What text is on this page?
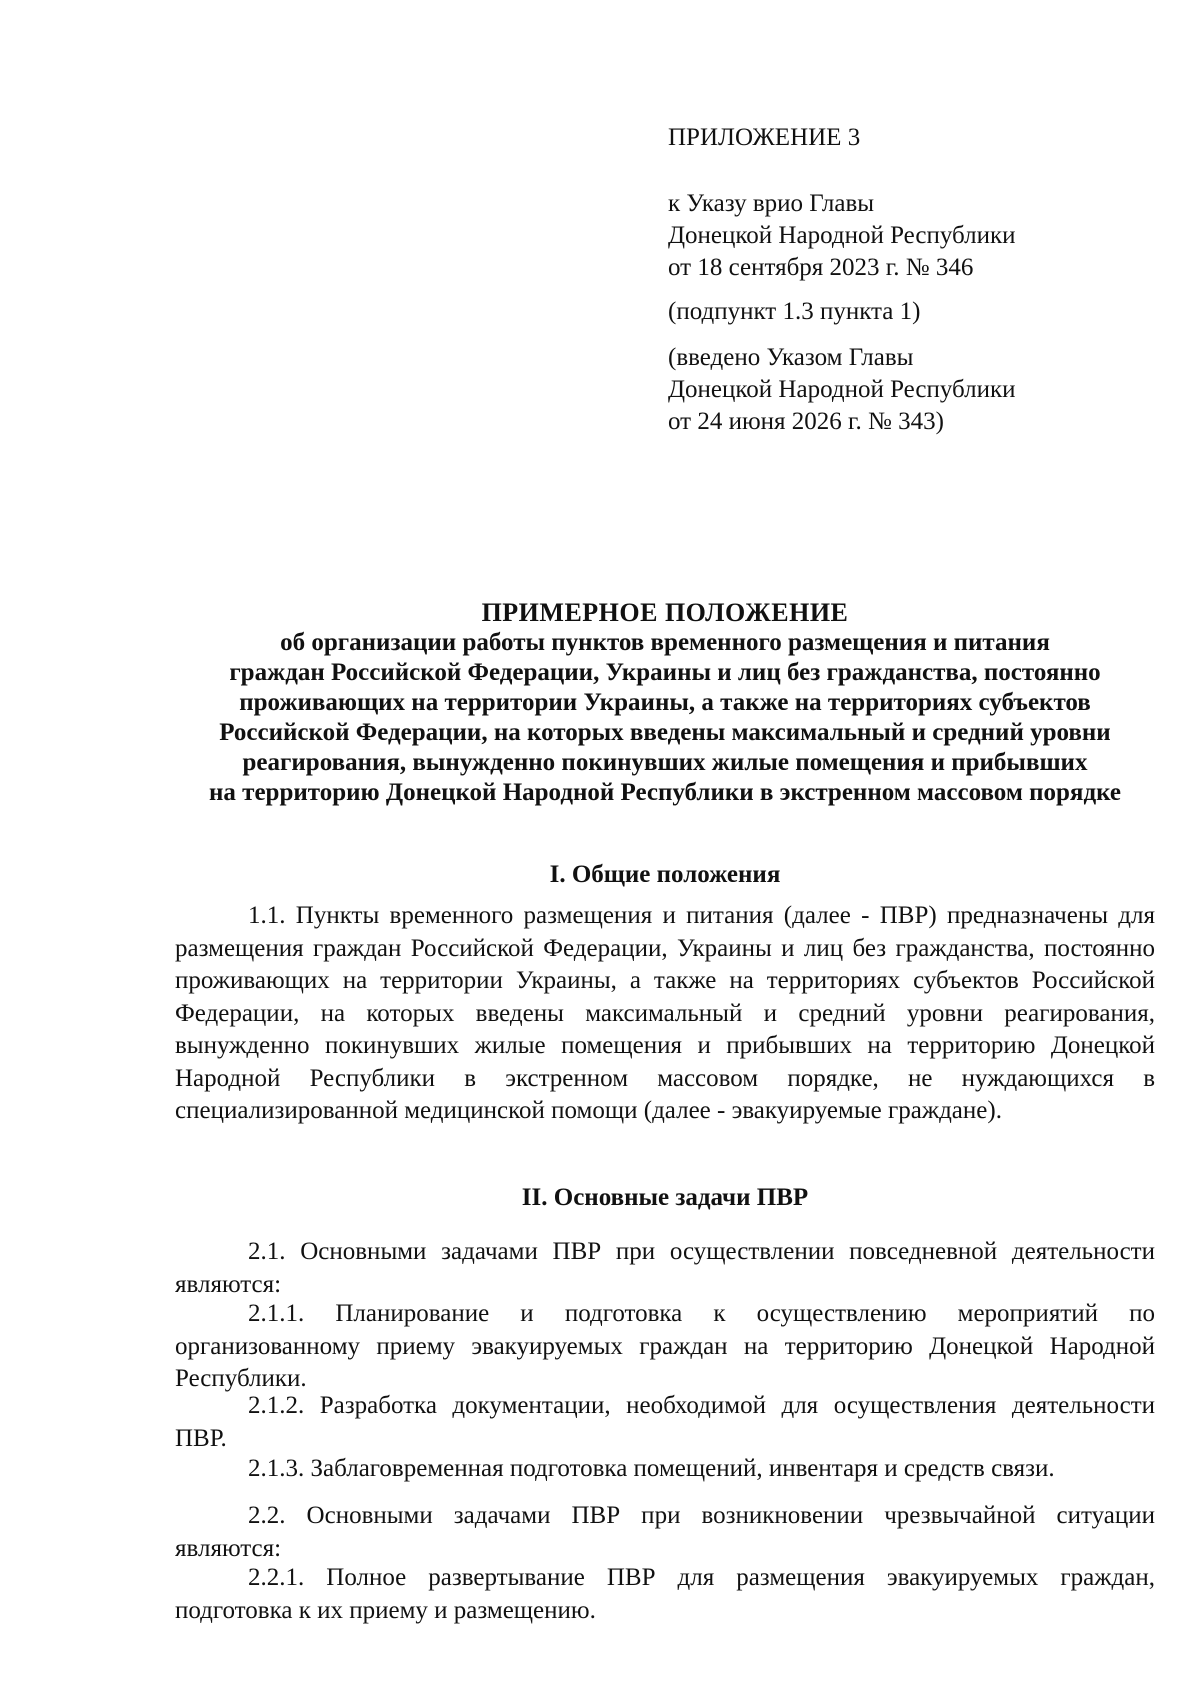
ПРИЛОЖЕНИЕ 3
к Указу врио Главы
Донецкой Народной Республики
от 18 сентября 2023 г. № 346
(подпункт 1.3 пункта 1)
(введено Указом Главы
Донецкой Народной Республики
от 24 июня 2026 г. № 343)
ПРИМЕРНОЕ ПОЛОЖЕНИЕ
об организации работы пунктов временного размещения и питания
граждан Российской Федерации, Украины и лиц без гражданства, постоянно
проживающих на территории Украины, а также на территориях субъектов
Российской Федерации, на которых введены максимальный и средний уровни
реагирования, вынужденно покинувших жилые помещения и прибывших
на территорию Донецкой Народной Республики в экстренном массовом порядке
I. Общие положения

1.1. Пункты временного размещения и питания (далее - ПВР) предназначены для размещения граждан Российской Федерации, Украины и лиц без гражданства, постоянно проживающих на территории Украины, а также на территориях субъектов Российской Федерации, на которых введены максимальный и средний уровни реагирования, вынужденно покинувших жилые помещения и прибывших на территорию Донецкой Народной Республики в экстренном массовом порядке, не нуждающихся в специализированной медицинской помощи (далее - эвакуируемые граждане).

II. Основные задачи ПВР

2.1. Основными задачами ПВР при осуществлении повседневной деятельности являются:

2.1.1. Планирование и подготовка к осуществлению мероприятий по организованному приему эвакуируемых граждан на территорию Донецкой Народной Республики.

2.1.2. Разработка документации, необходимой для осуществления деятельности ПВР.

2.1.3. Заблаговременная подготовка помещений, инвентаря и средств связи.

2.2. Основными задачами ПВР при возникновении чрезвычайной ситуации являются:

2.2.1. Полное развертывание ПВР для размещения эвакуируемых граждан, подготовка к их приему и размещению.
